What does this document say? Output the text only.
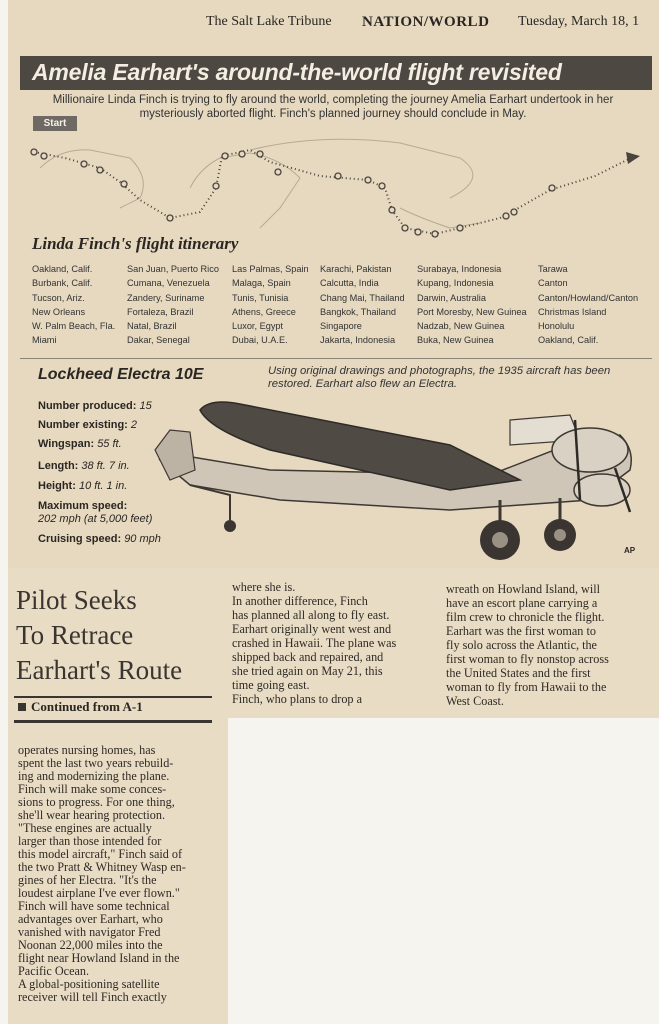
The Salt Lake Tribune NATION/WORLD Tuesday, March 18, 1
Amelia Earhart's around-the-world flight revisited
Millionaire Linda Finch is trying to fly around the world, completing the journey Amelia Earhart undertook in her
mysteriously aborted flight. Finch's planned journey should conclude in May.
Start
Linda Finch's flight itinerary
Oakland, Calif.
Burbank, Calif.
Tucson, Ariz.
New Orleans
W. Palm Beach, Fla.
Miami
San Juan, Puerto Rico
Cumana, Venezuela
Zandery, Suriname
Fortaleza, Brazil
Natal, Brazil
Dakar, Senegal
Las Palmas, Spain
Malaga, Spain
Tunis, Tunisia
Athens, Greece
Luxor, Egypt
Dubai, U.A.E.
Karachi, Pakistan
Calcutta, India
Chang Mai, Thailand
Bangkok, Thailand
Singapore
Jakarta, Indonesia
Surabaya, Indonesia
Kupang, Indonesia
Darwin, Australia
Port Moresby, New Guinea
Nadzab, New Guinea
Buka, New Guinea
Tarawa
Canton
Canton/Howland/Canton
Christmas Island
Honolulu
Oakland, Calif.
Lockheed Electra 10E	Using original drawings and photographs, the 1935 aircraft has been restored. Earhart also flew an Electra.
Number produced: 15
Number existing: 2
Wingspan: 55 ft.
Length: 38 ft. 7 in.
Height: 10 ft. 1 in.
Maximum speed:
202 mph (at 5,000 feet)
Cruising speed: 90 mph
AP
Pilot Seeks
To Retrace
Earhart's Route
Continued from A-1
operates nursing homes, has
spent the last two years rebuild-
ing and modernizing the plane.
Finch will make some conces-
sions to progress. For one thing,
she'll wear hearing protection.
"These engines are actually
larger than those intended for
this model aircraft," Finch said of
the two Pratt & Whitney Wasp en-
gines of her Electra. "It's the
loudest airplane I've ever flown."
Finch will have some technical
advantages over Earhart, who
vanished with navigator Fred
Noonan 22,000 miles into the
flight near Howland Island in the
Pacific Ocean.
A global-positioning satellite
receiver will tell Finch exactly
where she is.
In another difference, Finch
has planned all along to fly east.
Earhart originally went west and
crashed in Hawaii. The plane was
shipped back and repaired, and
she tried again on May 21, this
time going east.
Finch, who plans to drop a
wreath on Howland Island, will
have an escort plane carrying a
film crew to chronicle the flight.
Earhart was the first woman to
fly solo across the Atlantic, the
first woman to fly nonstop across
the United States and the first
woman to fly from Hawaii to the
West Coast.
